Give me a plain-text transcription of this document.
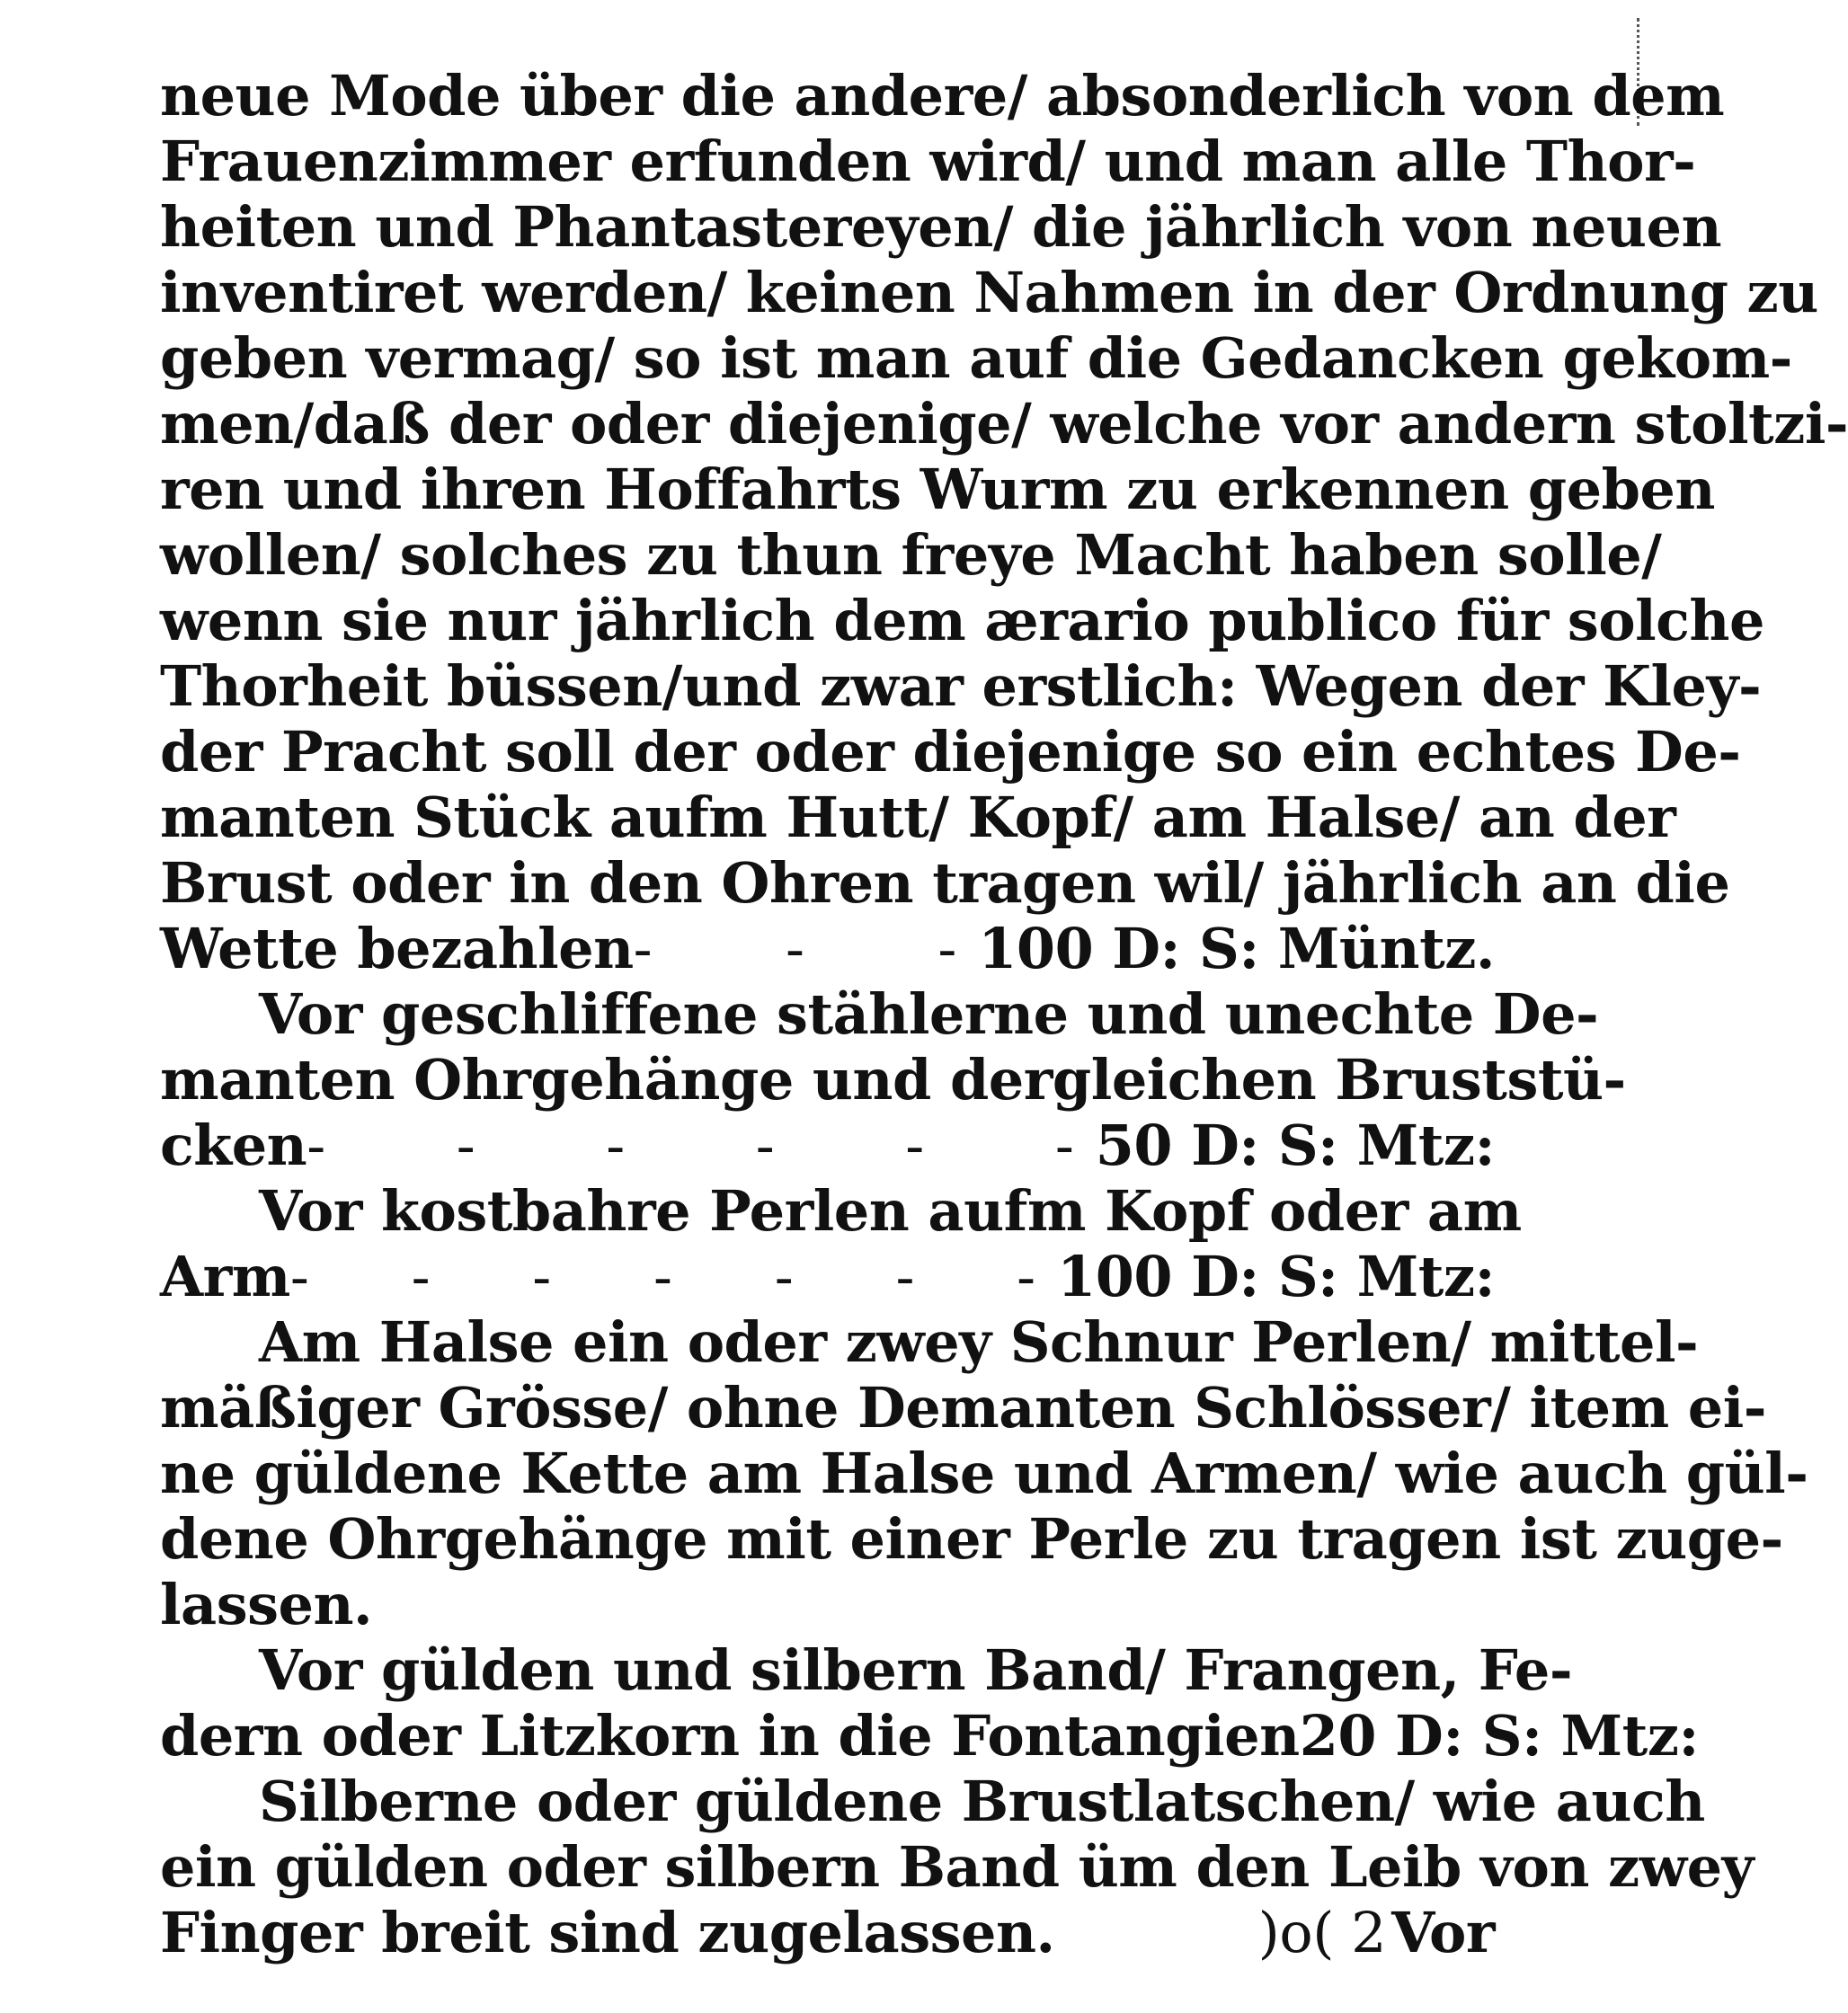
neue Mode über die andere/ absonderlich von dem
Frauenzimmer erfunden wird/ und man alle Thor-
heiten und Phantastereyen/ die jährlich von neuen
inventiret werden/ keinen Nahmen in der Ordnung zu
geben vermag/ so ist man auf die Gedancken gekom-
men/daß der oder diejenige/ welche vor andern stoltzi-
ren und ihren Hoffahrts Wurm zu erkennen geben
wollen/ solches zu thun freye Macht haben solle/
wenn sie nur jährlich dem ærario publico für solche
Thorheit büssen/und zwar erstlich: Wegen der Kley-
der Pracht soll der oder diejenige so ein echtes De-
manten Stück aufm Hutt/ Kopf/ am Halse/ an der
Brust oder in den Ohren tragen wil/ jährlich an die
Wette bezahlen - - - 100 D: S: Müntz.
Vor geschliffene stählerne und unechte De-
manten Ohrgehänge und dergleichen Bruststü-
cken - - - - - - 50 D: S: Mtz:
Vor kostbahre Perlen aufm Kopf oder am
Arm - - - - - - - 100 D: S: Mtz:
Am Halse ein oder zwey Schnur Perlen/ mittel-
mäßiger Grösse/ ohne Demanten Schlösser/ item ei-
ne güldene Kette am Halse und Armen/ wie auch gül-
dene Ohrgehänge mit einer Perle zu tragen ist zuge-
lassen.
Vor gülden und silbern Band/ Frangen, Fe-
dern oder Litzkorn in die Fontangien 20 D: S: Mtz:
Silberne oder güldene Brustlatschen/ wie auch
ein gülden oder silbern Band üm den Leib von zwey
Finger breit sind zugelassen.	)o( 2 Vor
